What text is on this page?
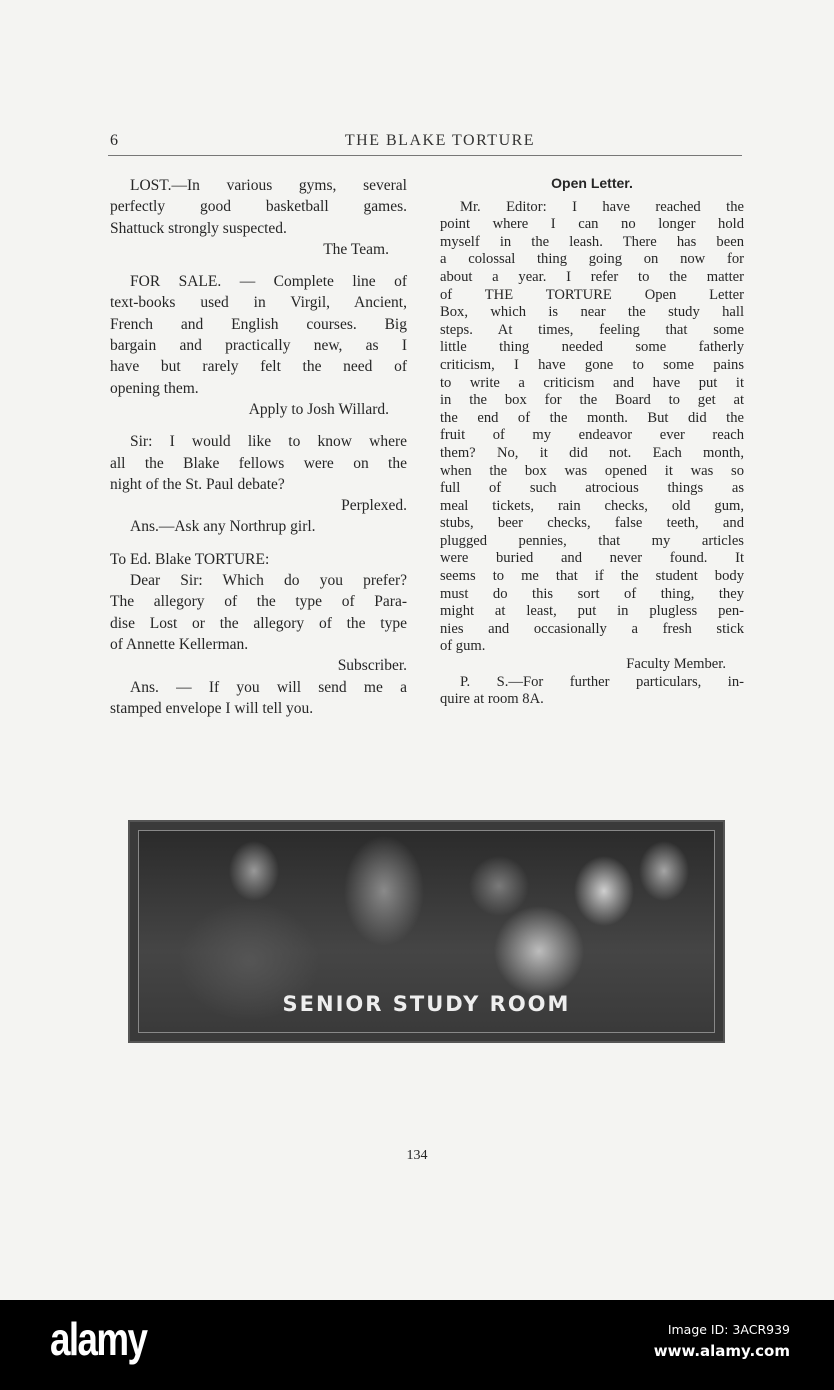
6	THE BLAKE TORTURE
LOST.—In various gyms, several
perfectly good basketball games.
Shattuck strongly suspected.
The Team.
FOR SALE. — Complete line of
text-books used in Virgil, Ancient,
French and English courses. Big
bargain and practically new, as I
have but rarely felt the need of
opening them.
Apply to Josh Willard.
Sir: I would like to know where
all the Blake fellows were on the
night of the St. Paul debate?
Perplexed.
Ans.—Ask any Northrup girl.
To Ed. Blake TORTURE:
Dear Sir: Which do you prefer?
The allegory of the type of Para-
dise Lost or the allegory of the type
of Annette Kellerman.
Subscriber.
Ans. — If you will send me a
stamped envelope I will tell you.
Open Letter.
Mr. Editor: I have reached the
point where I can no longer hold
myself in the leash. There has been
a colossal thing going on now for
about a year. I refer to the matter
of THE TORTURE Open Letter
Box, which is near the study hall
steps. At times, feeling that some
little thing needed some fatherly
criticism, I have gone to some pains
to write a criticism and have put it
in the box for the Board to get at
the end of the month. But did the
fruit of my endeavor ever reach
them? No, it did not. Each month,
when the box was opened it was so
full of such atrocious things as
meal tickets, rain checks, old gum,
stubs, beer checks, false teeth, and
plugged pennies, that my articles
were buried and never found. It
seems to me that if the student body
must do this sort of thing, they
might at least, put in plugless pen-
nies and occasionally a fresh stick
of gum.
Faculty Member.
P. S.—For further particulars, in-
quire at room 8A.
SENIOR STUDY ROOM
134
alamy	Image ID: 3ACR939
www.alamy.com
